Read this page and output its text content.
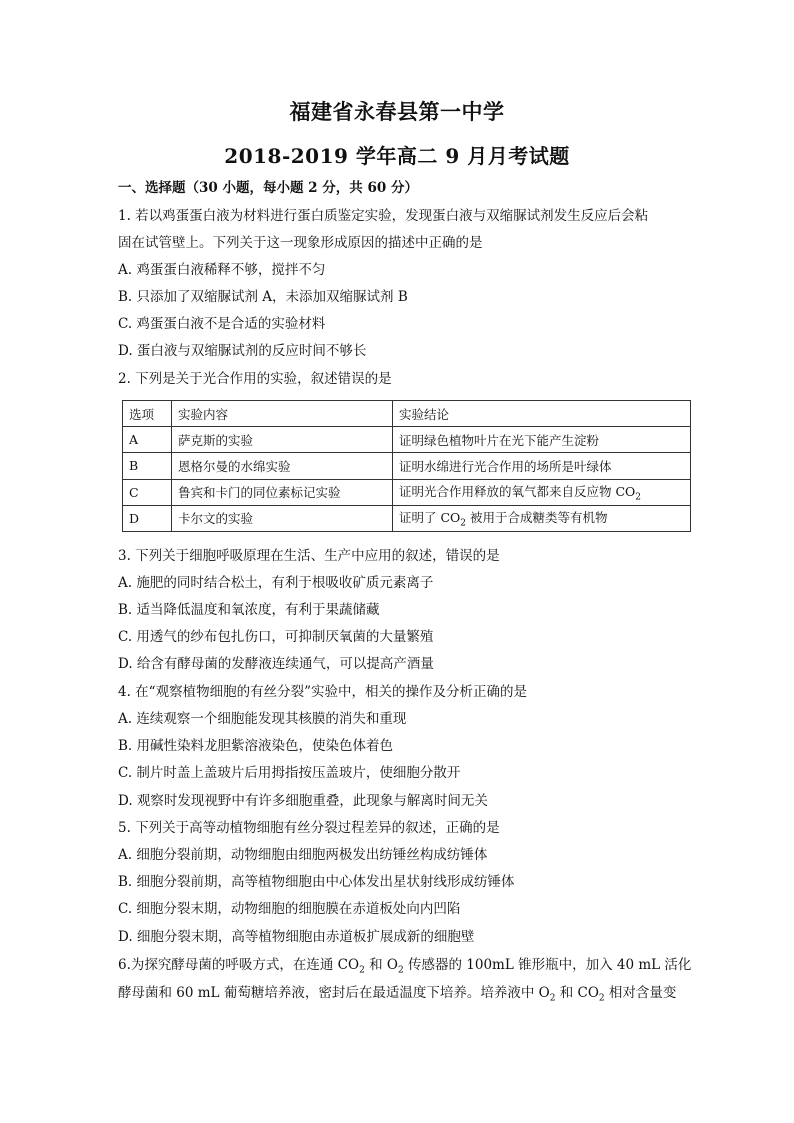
福建省永春县第一中学
2018-2019 学年高二 9 月月考试题
一、选择题（30 小题，每小题 2 分，共 60 分）
1. 若以鸡蛋蛋白液为材料进行蛋白质鉴定实验，发现蛋白液与双缩脲试剂发生反应后会粘
固在试管壁上。下列关于这一现象形成原因的描述中正确的是
A. 鸡蛋蛋白液稀释不够，搅拌不匀
B. 只添加了双缩脲试剂 A，未添加双缩脲试剂 B
C. 鸡蛋蛋白液不是合适的实验材料
D. 蛋白液与双缩脲试剂的反应时间不够长
2. 下列是关于光合作用的实验，叙述错误的是
选项	实验内容	实验结论
A	萨克斯的实验	证明绿色植物叶片在光下能产生淀粉
B	恩格尔曼的水绵实验	证明水绵进行光合作用的场所是叶绿体
C	鲁宾和卡门的同位素标记实验	证明光合作用释放的氧气都来自反应物 $CO_2$
D	卡尔文的实验	证明了 $CO_2$ 被用于合成糖类等有机物
3. 下列关于细胞呼吸原理在生活、生产中应用的叙述，错误的是
A. 施肥的同时结合松土，有利于根吸收矿质元素离子
B. 适当降低温度和氧浓度，有利于果蔬储藏
C. 用透气的纱布包扎伤口，可抑制厌氧菌的大量繁殖
D. 给含有酵母菌的发酵液连续通气，可以提高产酒量
4. 在“观察植物细胞的有丝分裂”实验中，相关的操作及分析正确的是
A. 连续观察一个细胞能发现其核膜的消失和重现
B. 用碱性染料龙胆紫溶液染色，使染色体着色
C. 制片时盖上盖玻片后用拇指按压盖玻片，使细胞分散开
D. 观察时发现视野中有许多细胞重叠，此现象与解离时间无关
5. 下列关于高等动植物细胞有丝分裂过程差异的叙述，正确的是
A. 细胞分裂前期，动物细胞由细胞两极发出纺锤丝构成纺锤体
B. 细胞分裂前期，高等植物细胞由中心体发出星状射线形成纺锤体
C. 细胞分裂末期，动物细胞的细胞膜在赤道板处向内凹陷
D. 细胞分裂末期，高等植物细胞由赤道板扩展成新的细胞壁
6.为探究酵母菌的呼吸方式，在连通 $CO_2$ 和 $O_2$ 传感器的 100mL 锥形瓶中，加入 40 mL 活化
酵母菌和 60 mL 葡萄糖培养液，密封后在最适温度下培养。培养液中 $O_2$ 和 $CO_2$ 相对含量变
